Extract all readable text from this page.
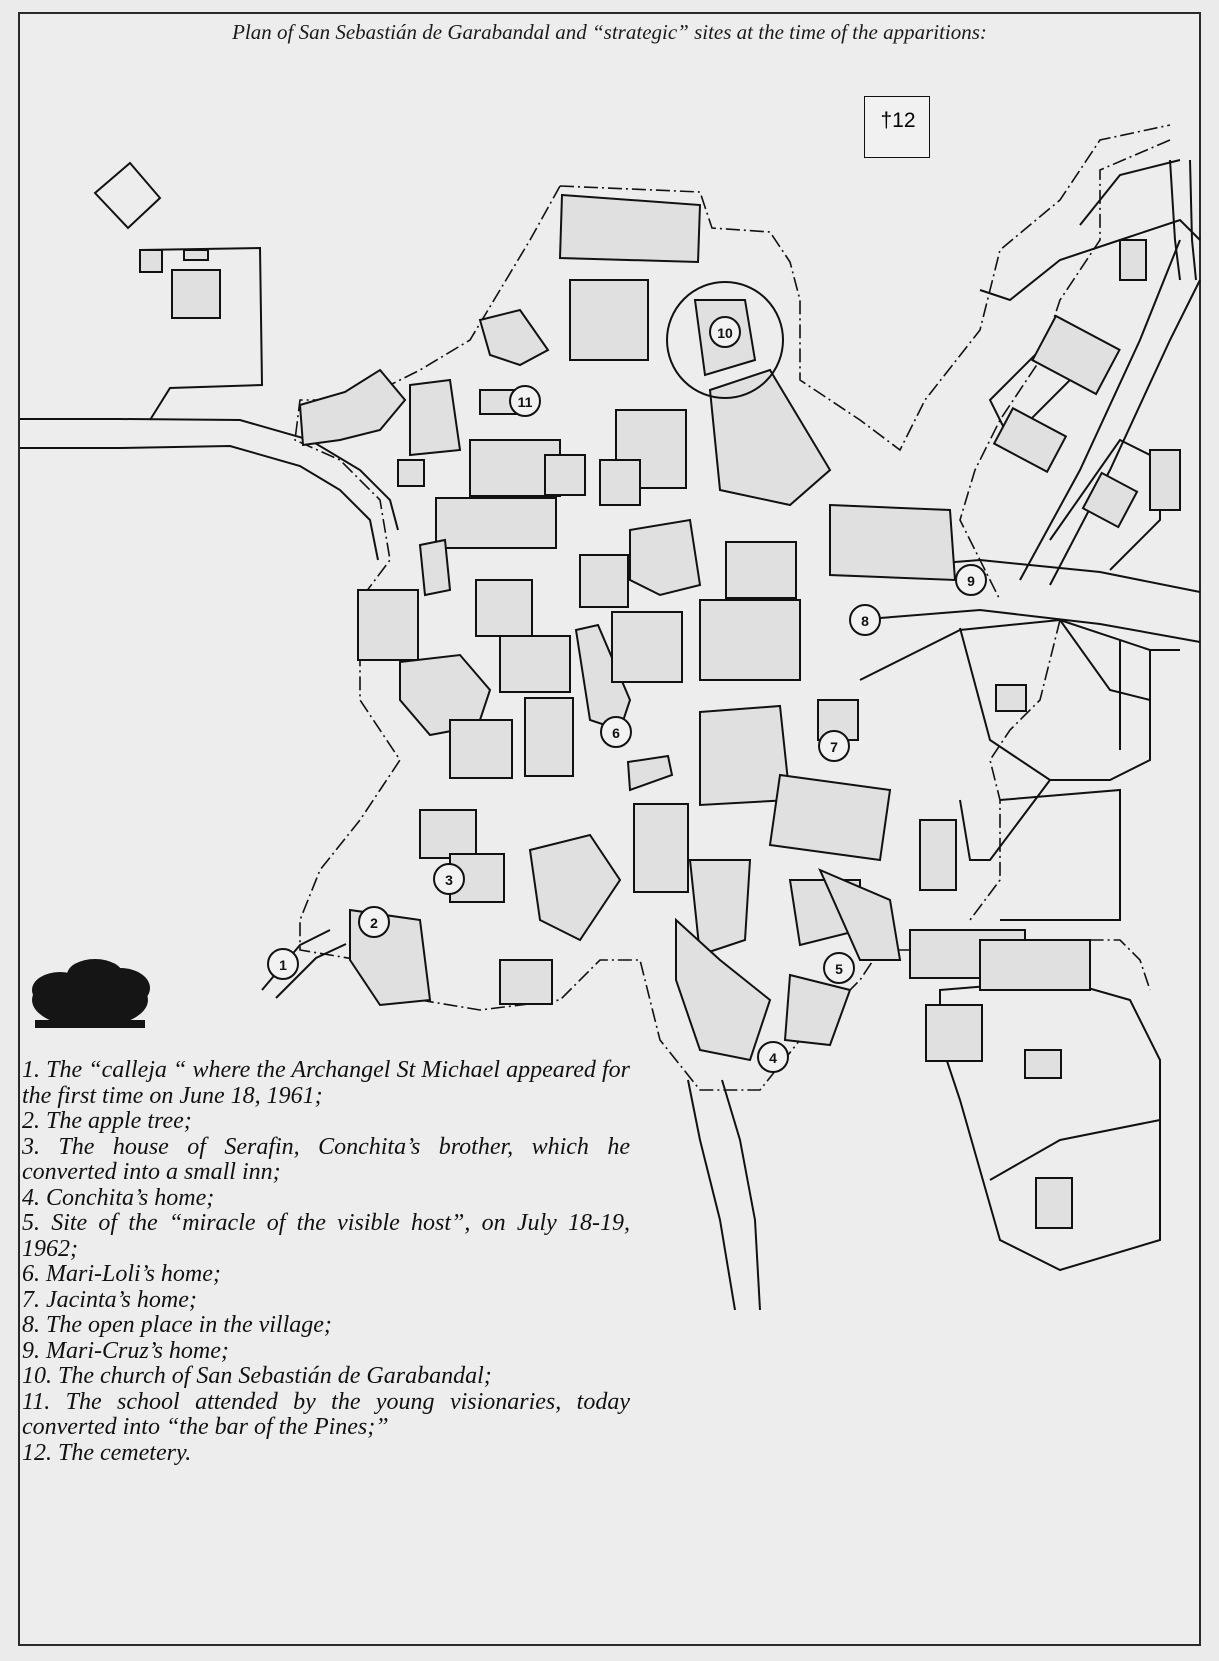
Plan of San Sebastián de Garabandal and “strategic” sites at the time of the apparitions:
1
2
3
4
5
6
7
8
9
10
11
†12

1. The “calleja “ where the Archangel St Michael appeared for the first time on June 18, 1961;

2. The apple tree;

3. The house of Serafin, Conchita’s brother, which he converted into a small inn;

4. Conchita’s home;

5. Site of the “miracle of the visible host”, on July 18-19, 1962;

6. Mari-Loli’s home;

7. Jacinta’s home;

8. The open place in the village;

9. Mari-Cruz’s home;

10. The church of San Sebastián de Garabandal;

11. The school attended by the young visionaries, today converted into “the bar of the Pines;”

12. The cemetery.
